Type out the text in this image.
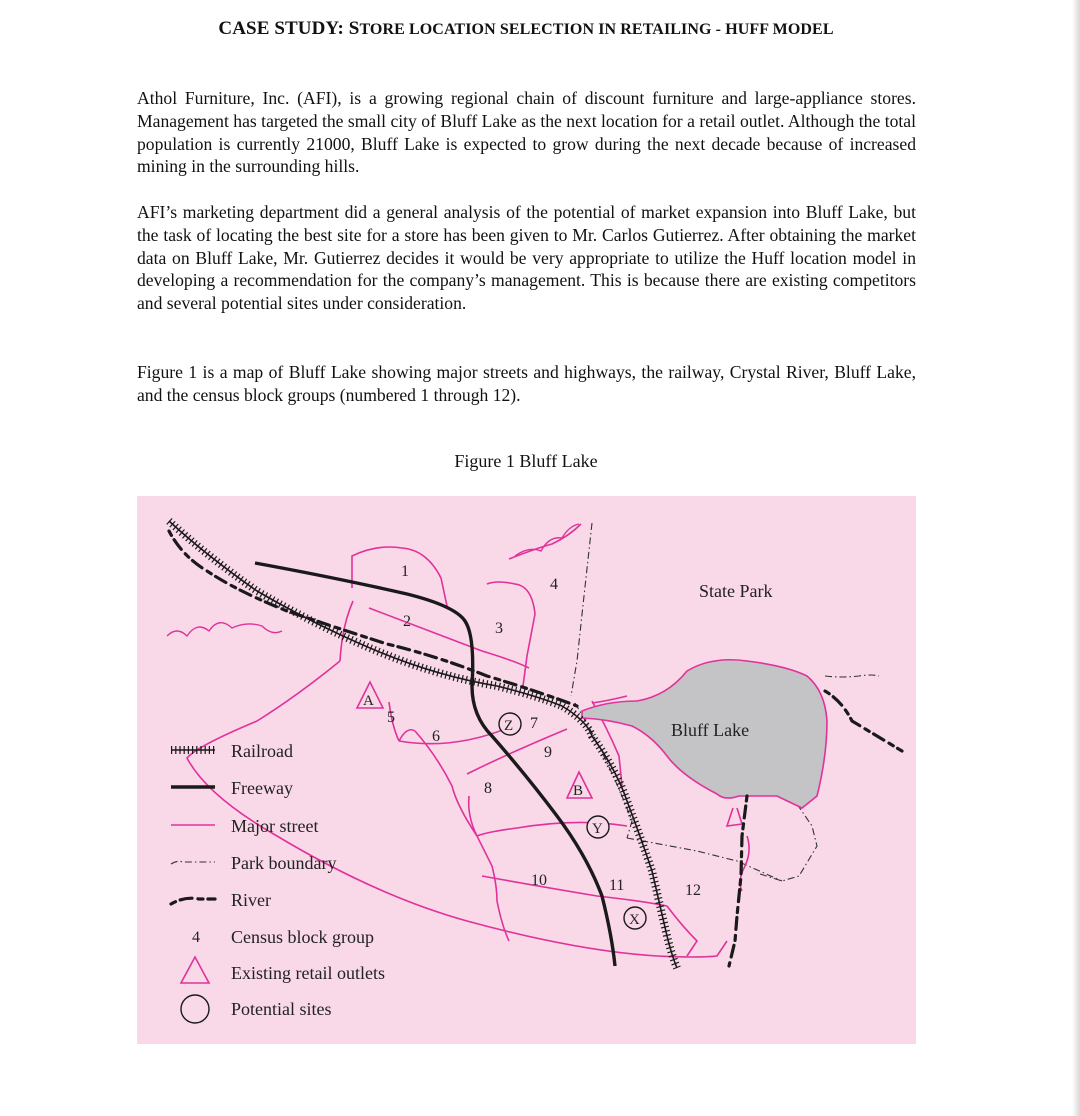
CASE STUDY: STORE LOCATION SELECTION IN RETAILING - HUFF MODEL

Athol Furniture, Inc. (AFI), is a growing regional chain of discount furniture and large-appliance stores. Management has targeted the small city of Bluff Lake as the next location for a retail outlet. Although the total population is currently 21000, Bluff Lake is expected to grow during the next decade because of increased mining in the surrounding hills.

AFI’s marketing department did a general analysis of the potential of market expansion into Bluff Lake, but the task of locating the best site for a store has been given to Mr. Carlos Gutierrez. After obtaining the market data on Bluff Lake, Mr. Gutierrez decides it would be very appropriate to utilize the Huff location model in developing a recommendation for the company’s management. This is because there are existing competitors and several potential sites under consideration.

Figure 1 is a map of Bluff Lake showing major streets and highways, the railway, Crystal River, Bluff Lake, and the census block groups (numbered 1 through 12).

Figure 1 Bluff Lake
State Park
Bluff Lake
1
2	3
4
5
6
7
8
9
10	11	12
A
B
Z
Y
X
Railroad
Freeway
Major street
Park boundary
River
4 Census block group
Existing retail outlets
Potential sites
